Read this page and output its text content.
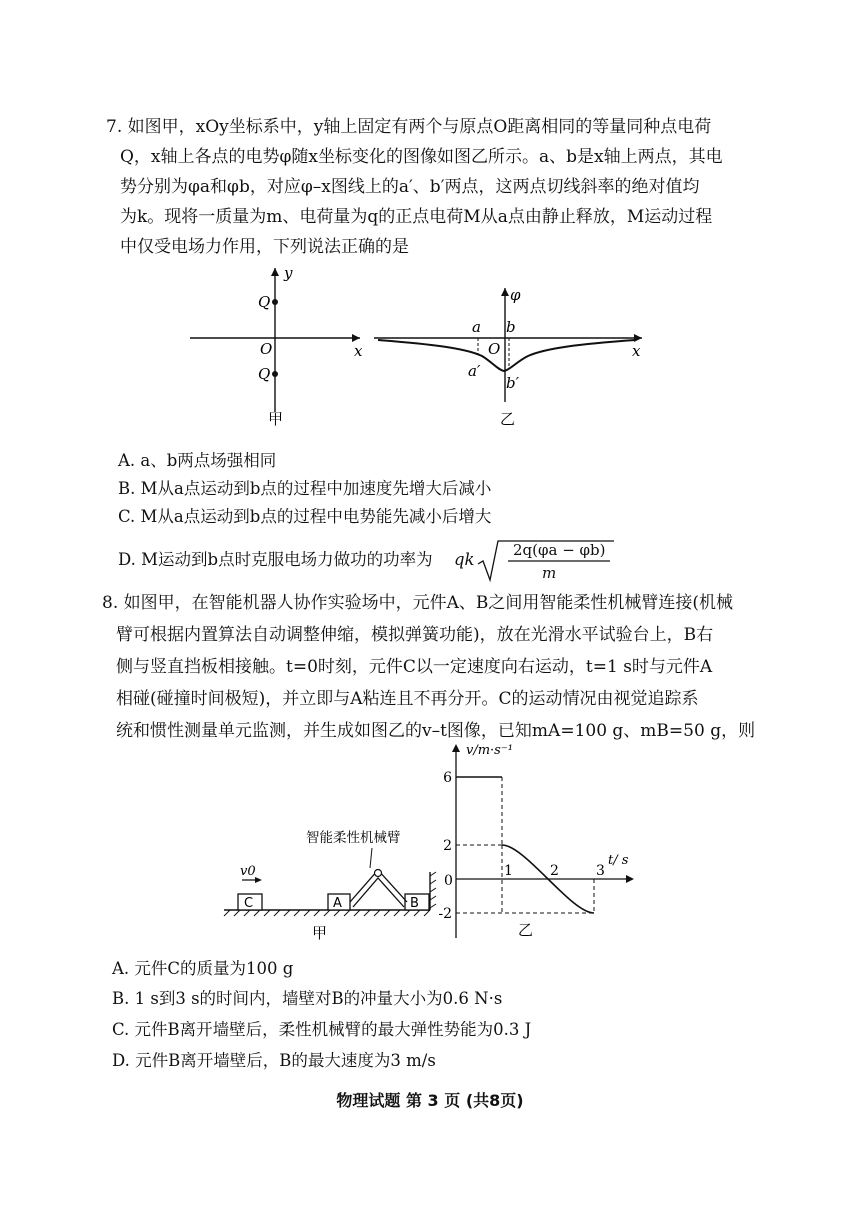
7. 如图甲，xOy坐标系中，y轴上固定有两个与原点O距离相同的等量同种点电荷
Q，x轴上各点的电势φ随x坐标变化的图像如图乙所示。a、b是x轴上两点，其电
势分别为φa和φb，对应φ–x图线上的a′、b′两点，这两点切线斜率的绝对值均
为k。现将一质量为m、电荷量为q的正点电荷M从a点由静止释放，M运动过程
中仅受电场力作用，下列说法正确的是
y
Q
O	x
Q
甲
φ
a b
O	x
a′
b′
乙
A. a、b两点场强相同
B. M从a点运动到b点的过程中加速度先增大后减小
C. M从a点运动到b点的过程中电势能先减小后增大
D. M运动到b点时克服电场力做功的功率为 qk	2q(φa − φb)
m
8. 如图甲，在智能机器人协作实验场中，元件A、B之间用智能柔性机械臂连接(机械
臂可根据内置算法自动调整伸缩，模拟弹簧功能)，放在光滑水平试验台上，B右
侧与竖直挡板相接触。t=0时刻，元件C以一定速度向右运动，t=1 s时与元件A
相碰(碰撞时间极短)，并立即与A粘连且不再分开。C的运动情况由视觉追踪系
统和惯性测量单元监测，并生成如图乙的v–t图像，已知mA=100 g、mB=50 g，则
智能柔性机械臂
v0
C	A	B
甲
v/m·s⁻¹
t/ s
0
6
2
-2
1	2	3
乙
A. 元件C的质量为100 g
B. 1 s到3 s的时间内，墙壁对B的冲量大小为0.6 N·s
C. 元件B离开墙壁后，柔性机械臂的最大弹性势能为0.3 J
D. 元件B离开墙壁后，B的最大速度为3 m/s
物理试题 第 3 页 (共8页)
